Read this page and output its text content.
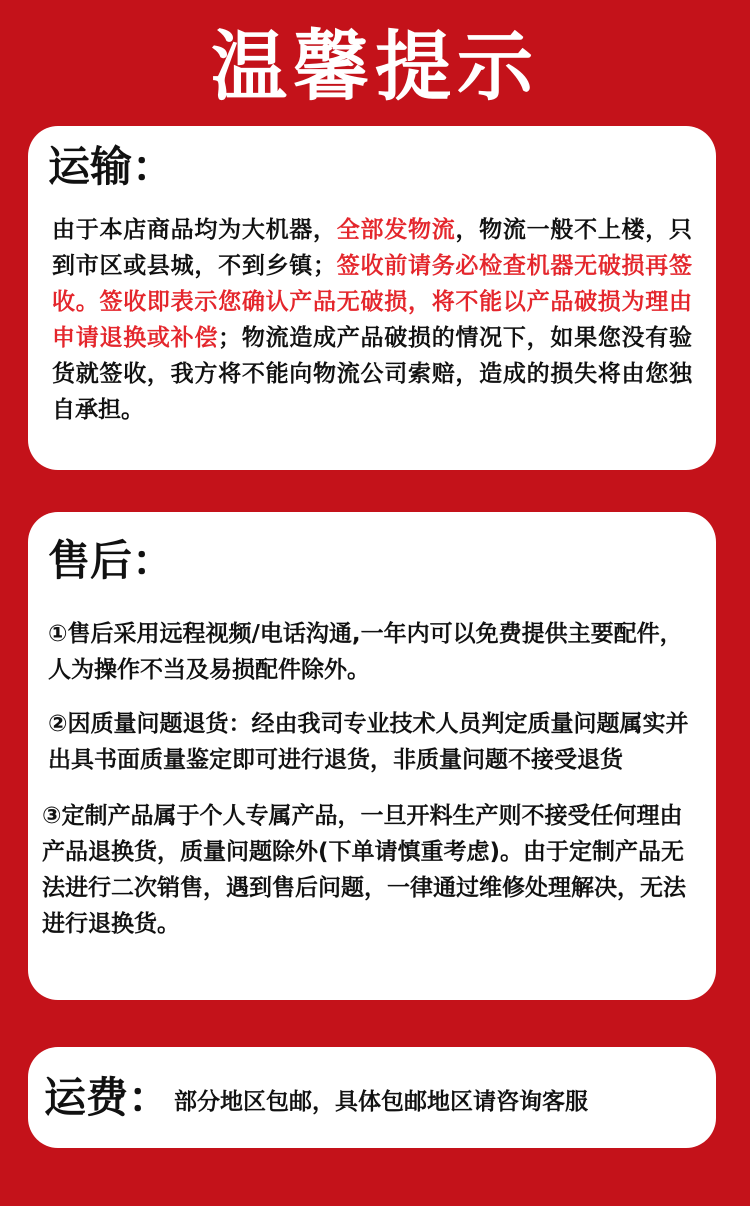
温馨提示
运输：
由于本店商品均为大机器，全部发物流，物流一般不上楼，只到市区或县城，不到乡镇；签收前请务必检查机器无破损再签收。签收即表示您确认产品无破损，将不能以产品破损为理由申请退换或补偿；物流造成产品破损的情况下，如果您没有验货就签收，我方将不能向物流公司索赔，造成的损失将由您独自承担。
售后：
①售后采用远程视频/电话沟通,一年内可以免费提供主要配件，人为操作不当及易损配件除外。
②因质量问题退货：经由我司专业技术人员判定质量问题属实并出具书面质量鉴定即可进行退货，非质量问题不接受退货
③定制产品属于个人专属产品，一旦开料生产则不接受任何理由产品退换货，质量问题除外(下单请慎重考虑)。由于定制产品无法进行二次销售，遇到售后问题，一律通过维修处理解决，无法进行退换货。
运费： 部分地区包邮，具体包邮地区请咨询客服
